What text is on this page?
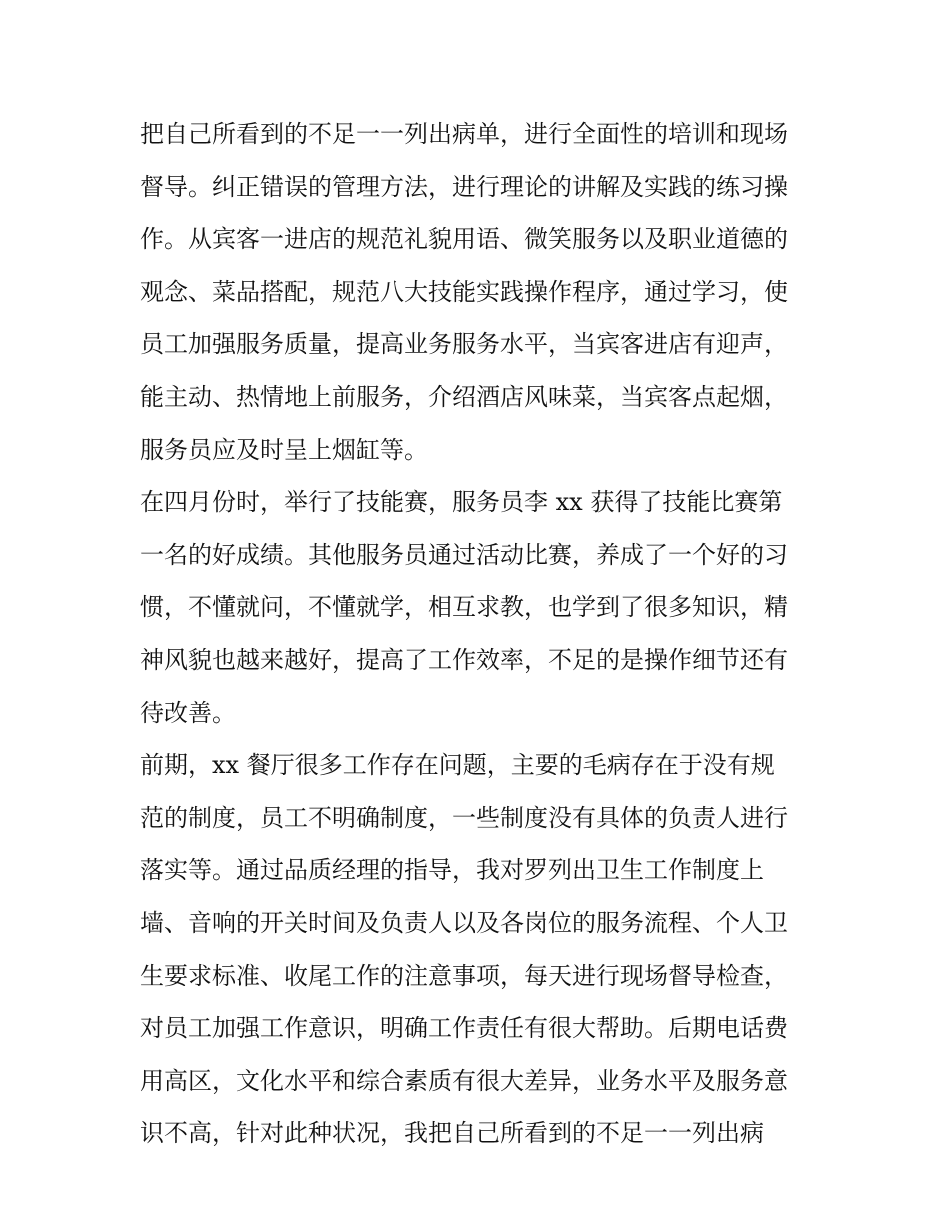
把自己所看到的不足一一列出病单，进行全面性的培训和现场
督导。纠正错误的管理方法，进行理论的讲解及实践的练习操
作。从宾客一进店的规范礼貌用语、微笑服务以及职业道德的
观念、菜品搭配，规范八大技能实践操作程序，通过学习，使
员工加强服务质量，提高业务服务水平，当宾客进店有迎声，
能主动、热情地上前服务，介绍酒店风味菜，当宾客点起烟，
服务员应及时呈上烟缸等。
在四月份时，举行了技能赛，服务员李 xx 获得了技能比赛第
一名的好成绩。其他服务员通过活动比赛，养成了一个好的习
惯，不懂就问，不懂就学，相互求教，也学到了很多知识，精
神风貌也越来越好，提高了工作效率，不足的是操作细节还有
待改善。
前期，xx 餐厅很多工作存在问题，主要的毛病存在于没有规
范的制度，员工不明确制度，一些制度没有具体的负责人进行
落实等。通过品质经理的指导，我对罗列出卫生工作制度上
墙、音响的开关时间及负责人以及各岗位的服务流程、个人卫
生要求标准、收尾工作的注意事项，每天进行现场督导检查，
对员工加强工作意识，明确工作责任有很大帮助。后期电话费
用高区，文化水平和综合素质有很大差异，业务水平及服务意
识不高，针对此种状况，我把自己所看到的不足一一列出病
